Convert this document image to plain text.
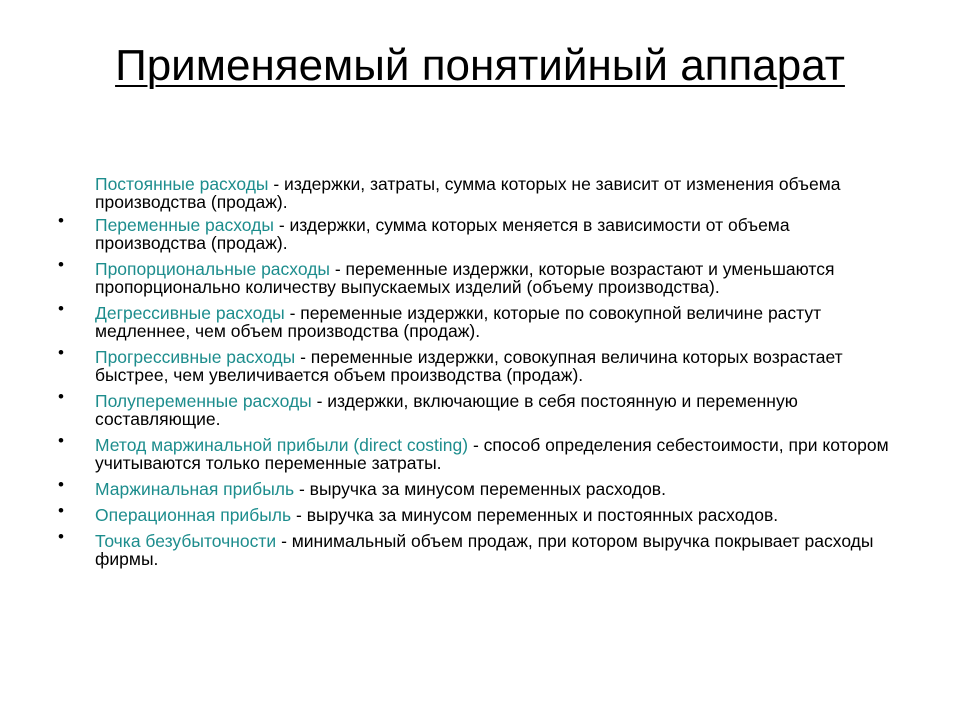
Применяемый понятийный аппарат
Постоянные расходы - издержки, затраты, сумма которых не зависит от изменения объема производства (продаж).
• Переменные расходы - издержки, сумма которых меняется в зависимости от объема производства (продаж).
• Пропорциональные расходы - переменные издержки, которые возрастают и уменьшаются пропорционально количеству выпускаемых изделий (объему производства).
• Дегрессивные расходы - переменные издержки, которые по совокупной величине растут медленнее, чем объем производства (продаж).
• Прогрессивные расходы - переменные издержки, совокупная величина которых возрастает быстрее, чем увеличивается объем производства (продаж).
• Полупеременные расходы - издержки, включающие в себя постоянную и переменную составляющие.
• Метод маржинальной прибыли (direct costing) - способ определения себестоимости, при котором учитываются только переменные затраты.
• Маржинальная прибыль - выручка за минусом переменных расходов.
• Операционная прибыль - выручка за минусом переменных и постоянных расходов.
• Точка безубыточности - минимальный объем продаж, при котором выручка покрывает расходы фирмы.
